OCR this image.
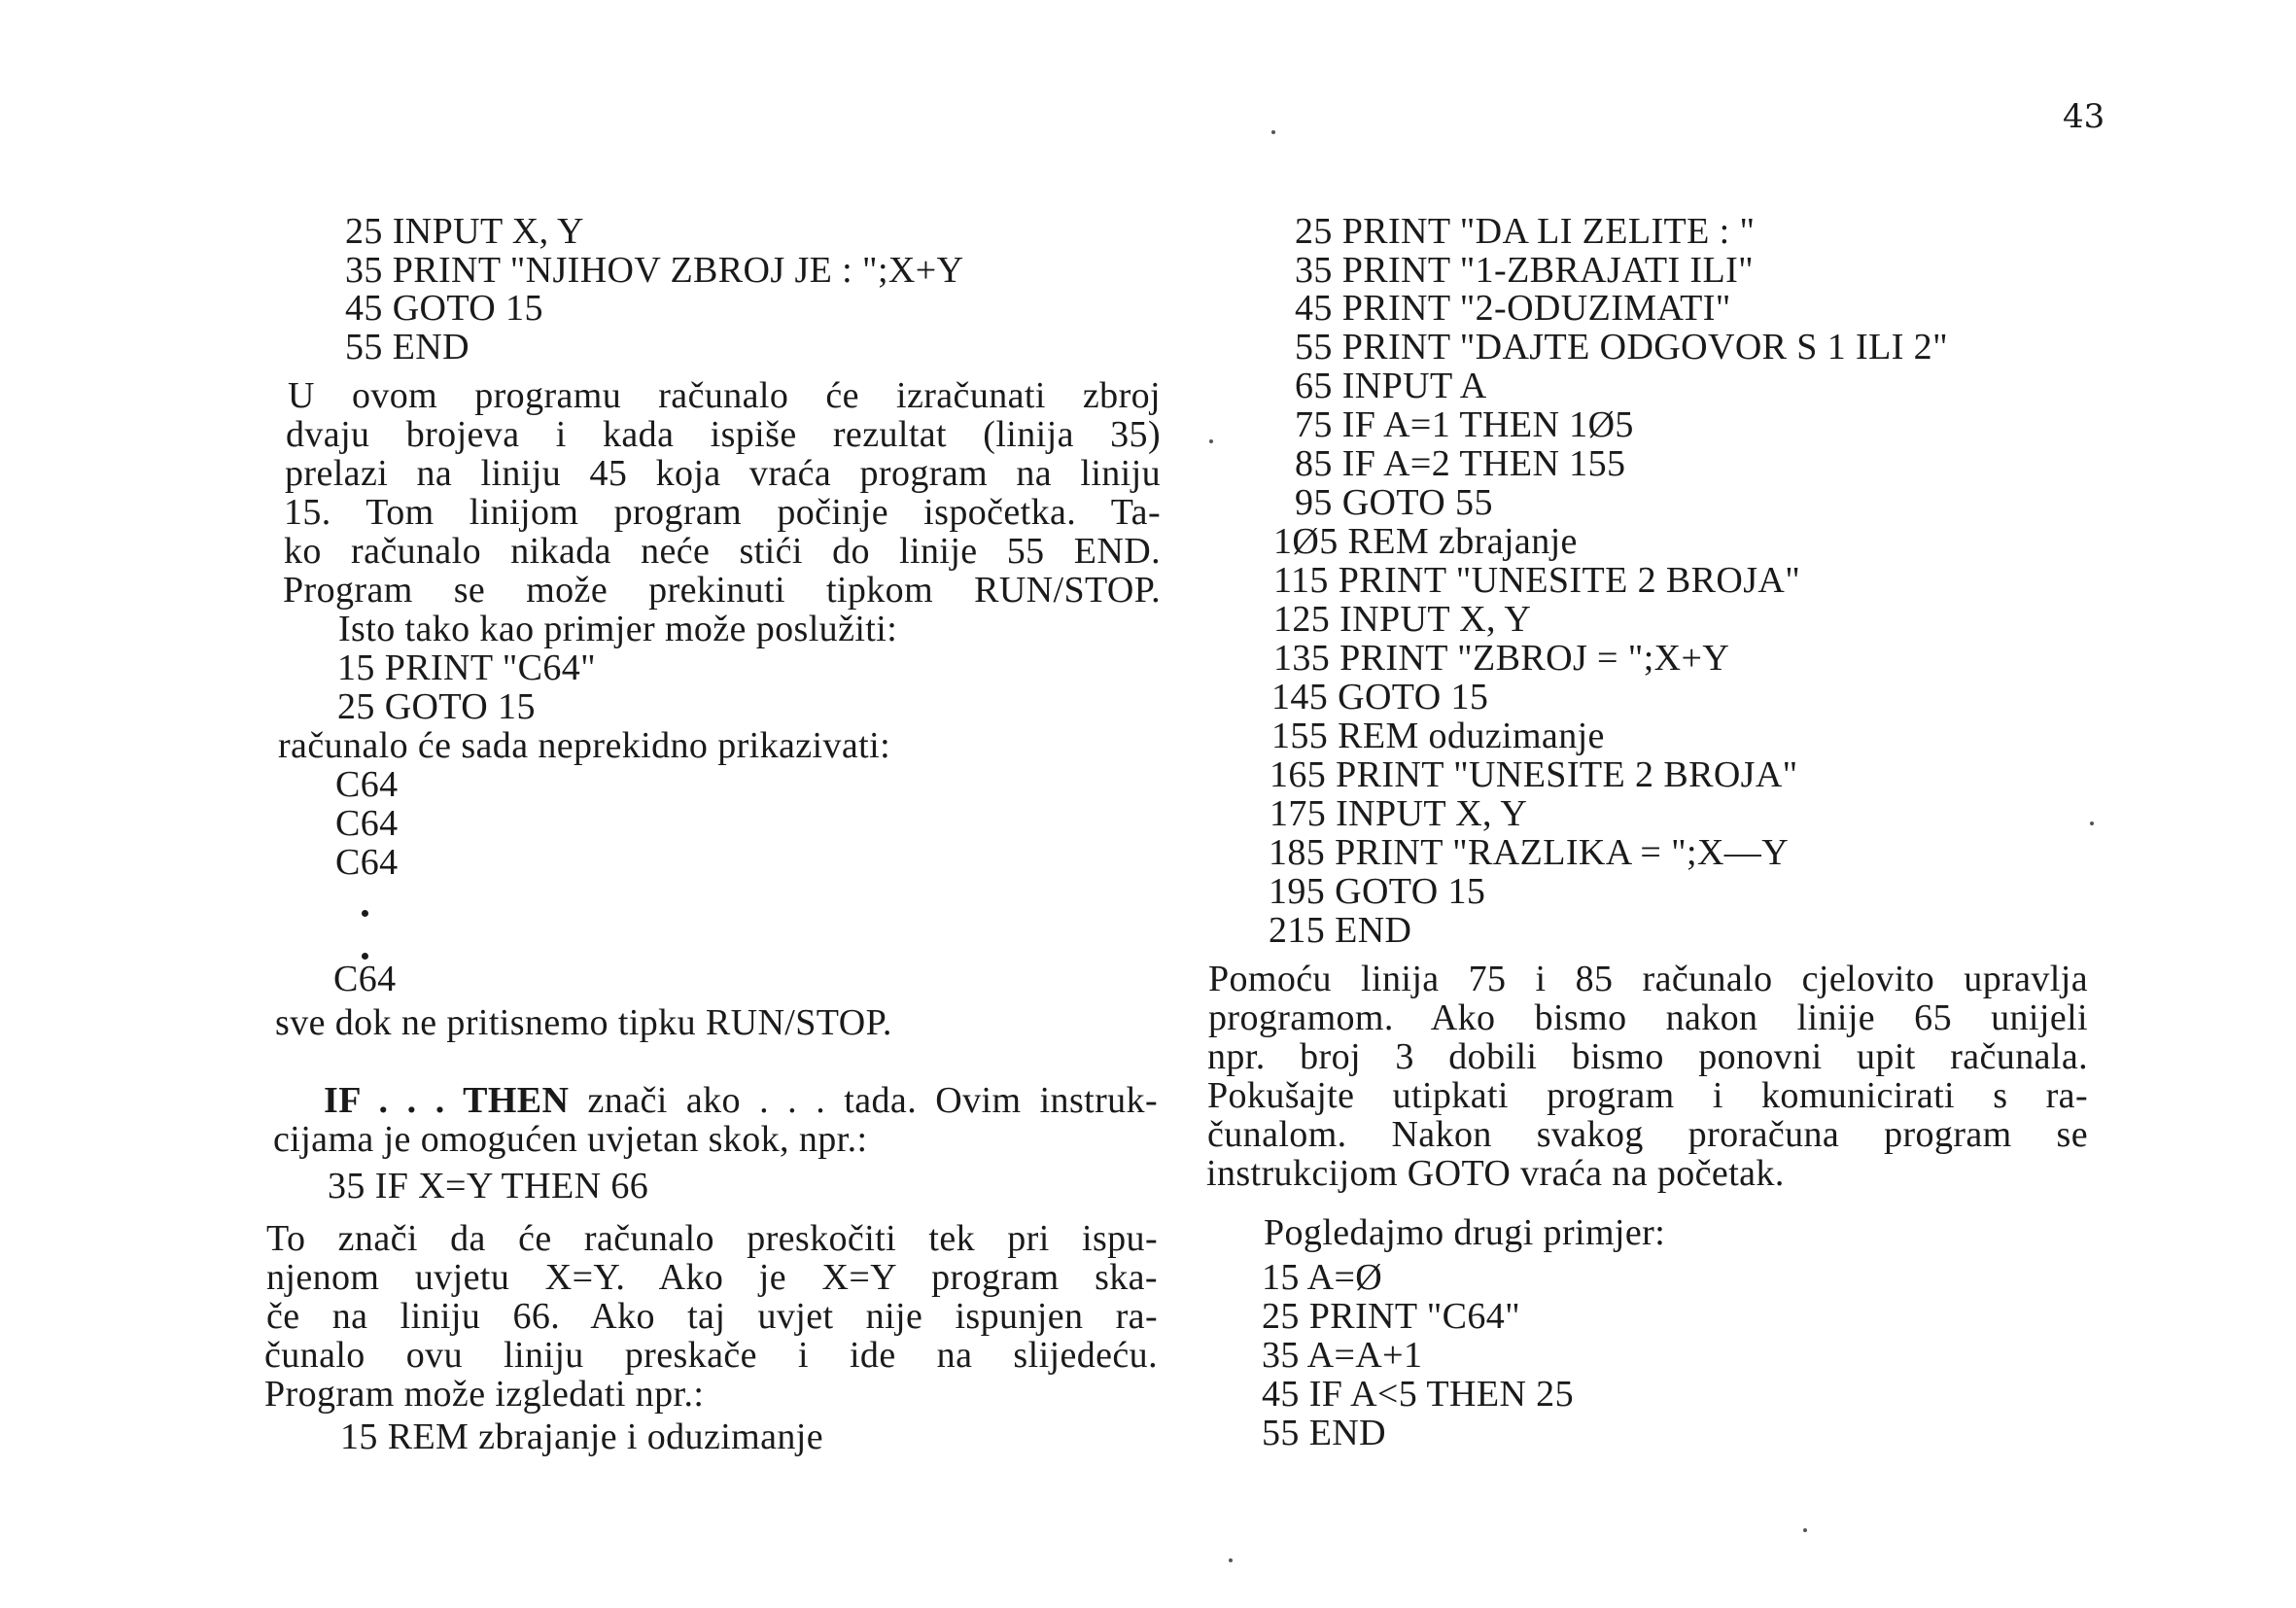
43
25 INPUT X, Y
35 PRINT "NJIHOV ZBROJ JE : ";X+Y
45 GOTO 15
55 END
U ovom programu računalo će izračunati zbroj
dvaju brojeva i kada ispiše rezultat (linija 35)
prelazi na liniju 45 koja vraća program na liniju
15. Tom linijom program počinje ispočetka. Ta-
ko računalo nikada neće stići do linije 55 END.
Program se može prekinuti tipkom RUN/STOP.
Isto tako kao primjer može poslužiti:
15 PRINT "C64"
25 GOTO 15
računalo će sada neprekidno prikazivati:
C64
C64
C64
C64
sve dok ne pritisnemo tipku RUN/STOP.
IF . . . THEN znači ako . . . tada. Ovim instruk-
cijama je omogućen uvjetan skok, npr.:
35 IF X=Y THEN 66
To znači da će računalo preskočiti tek pri ispu-
njenom uvjetu X=Y. Ako je X=Y program ska-
če na liniju 66. Ako taj uvjet nije ispunjen ra-
čunalo ovu liniju preskače i ide na slijedeću.
Program može izgledati npr.:
15 REM zbrajanje i oduzimanje
25 PRINT "DA LI ZELITE : "
35 PRINT "1-ZBRAJATI ILI"
45 PRINT "2-ODUZIMATI"
55 PRINT "DAJTE ODGOVOR S 1 ILI 2"
65 INPUT A
75 IF A=1 THEN 1Ø5
85 IF A=2 THEN 155
95 GOTO 55
1Ø5 REM zbrajanje
115 PRINT "UNESITE 2 BROJA"
125 INPUT X, Y
135 PRINT "ZBROJ = ";X+Y
145 GOTO 15
155 REM oduzimanje
165 PRINT "UNESITE 2 BROJA"
175 INPUT X, Y
185 PRINT "RAZLIKA = ";X—Y
195 GOTO 15
215 END
Pomoću linija 75 i 85 računalo cjelovito upravlja
programom. Ako bismo nakon linije 65 unijeli
npr. broj 3 dobili bismo ponovni upit računala.
Pokušajte utipkati program i komunicirati s ra-
čunalom. Nakon svakog proračuna program se
instrukcijom GOTO vraća na početak.
Pogledajmo drugi primjer:
15 A=Ø
25 PRINT "C64"
35 A=A+1
45 IF A<5 THEN 25
55 END
